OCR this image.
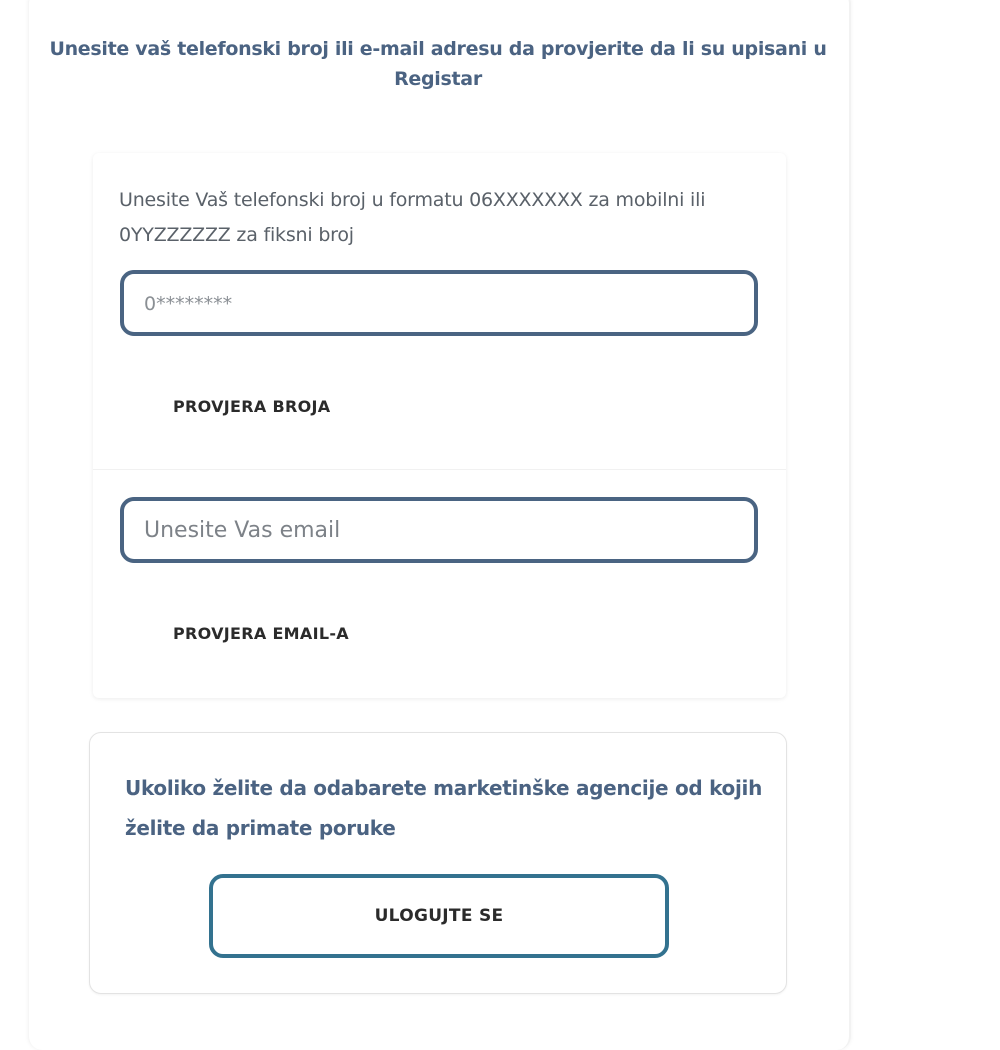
Unesite vaš telefonski broj ili e-mail adresu da provjerite da li su upisani u Registar
Unesite Vaš telefonski broj u formatu 06XXXXXXX za mobilni ili 0YYZZZZZZ za fiksni broj
0********
PROVJERA BROJA
Unesite Vas email
PROVJERA EMAIL-A
Ukoliko želite da odabarete marketinške agencije od kojih želite da primate poruke
ULOGUJTE SE
